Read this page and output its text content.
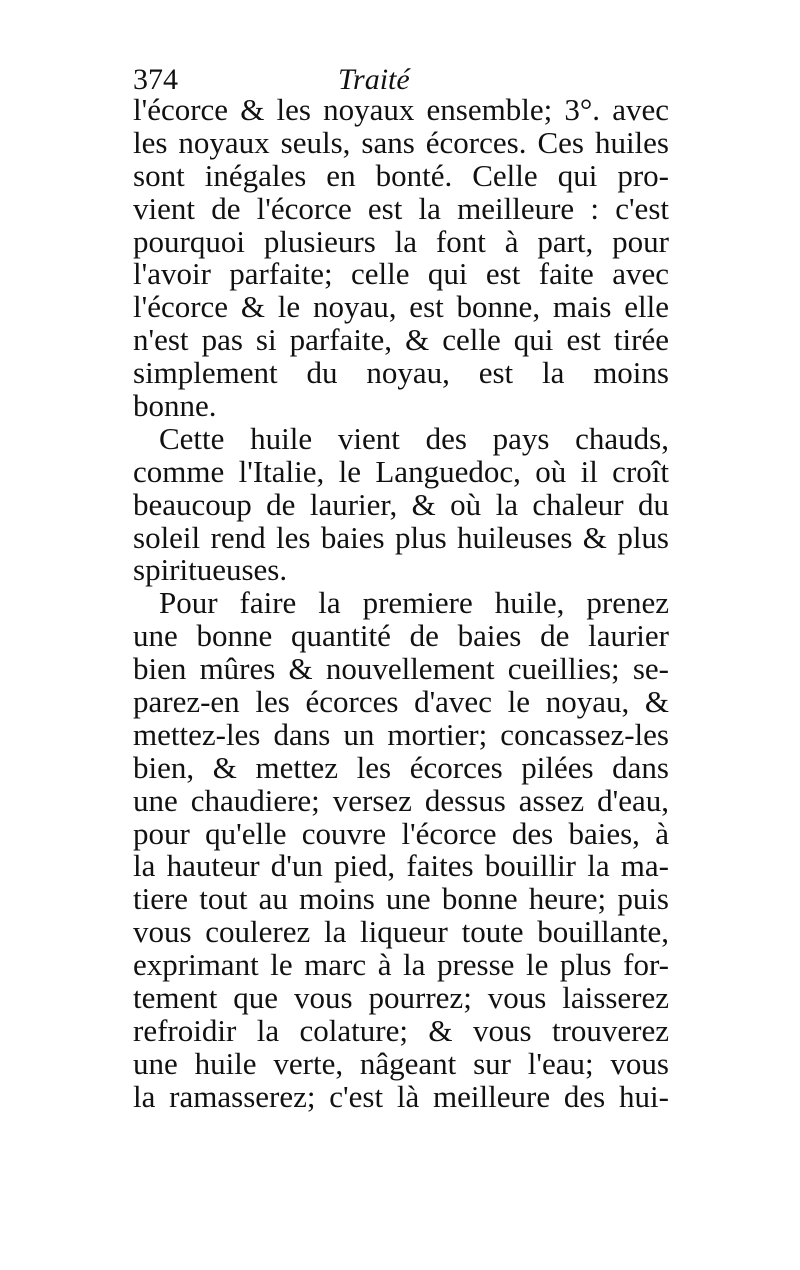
374	Traité
l'écorce & les noyaux ensemble; 3°. avec
les noyaux seuls, sans écorces. Ces huiles
sont inégales en bonté. Celle qui pro-
vient de l'écorce est la meilleure : c'est
pourquoi plusieurs la font à part, pour
l'avoir parfaite; celle qui est faite avec
l'écorce & le noyau, est bonne, mais elle
n'est pas si parfaite, & celle qui est tirée
simplement du noyau, est la moins
bonne.
Cette huile vient des pays chauds,
comme l'Italie, le Languedoc, où il croît
beaucoup de laurier, & où la chaleur du
soleil rend les baies plus huileuses & plus
spiritueuses.
Pour faire la premiere huile, prenez
une bonne quantité de baies de laurier
bien mûres & nouvellement cueillies; se-
parez-en les écorces d'avec le noyau, &
mettez-les dans un mortier; concassez-les
bien, & mettez les écorces pilées dans
une chaudiere; versez dessus assez d'eau,
pour qu'elle couvre l'écorce des baies, à
la hauteur d'un pied, faites bouillir la ma-
tiere tout au moins une bonne heure; puis
vous coulerez la liqueur toute bouillante,
exprimant le marc à la presse le plus for-
tement que vous pourrez; vous laisserez
refroidir la colature; & vous trouverez
une huile verte, nâgeant sur l'eau; vous
la ramasserez; c'est là meilleure des hui-
